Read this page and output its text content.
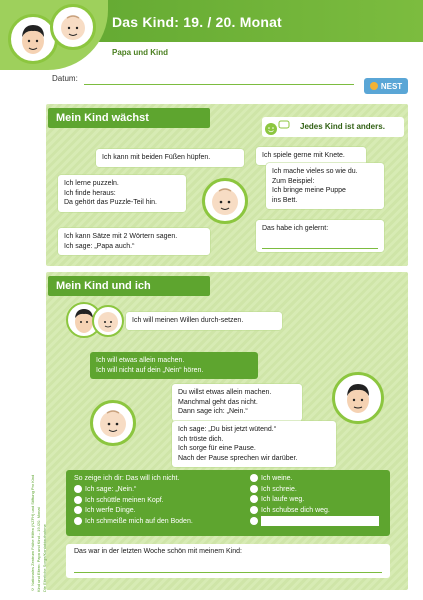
Das Kind: 19. / 20. Monat
Papa und Kind
Datum:
NEST
Mein Kind wächst
Jedes Kind ist anders.
Ich kann mit beiden Füßen hüpfen.	Ich spiele gerne mit Knete.
Ich lerne puzzeln.
Ich finde heraus:
Da gehört das Puzzle-Teil hin.
Ich mache vieles so wie du.
Zum Beispiel:
Ich bringe meine Puppe
ins Bett.
Ich kann Sätze mit 2 Wörtern sagen.
Ich sage: „Papa auch.“
Das habe ich gelernt:
Mein Kind und ich
Ich will meinen Willen durch-setzen.
Ich will etwas allein machen.
Ich will nicht auf dein „Nein“ hören.
Du willst etwas allein machen.
Manchmal geht das nicht.
Dann sage ich: „Nein.“
Ich sage: „Du bist jetzt wütend.“
Ich tröste dich.
Ich sorge für eine Pause.
Nach der Pause sprechen wir darüber.
So zeige ich dir: Das will ich nicht.
Ich sage: „Nein.“
Ich schüttle meinen Kopf.
Ich werfe Dinge.
Ich schmeiße mich auf den Boden.
Ich weine.
Ich schreie.
Ich laufe weg.
Ich schubse dich weg.
Das war in der letzten Woche schön mit meinem Kind:
© Nationales Zentrum Frühe Hilfen (NZFH) und Stiftung Pro Kind Kind und Eltern: Papa und Kind – 19./20. Monat Die Elterliche Sorge/Kontaktaufnahme
